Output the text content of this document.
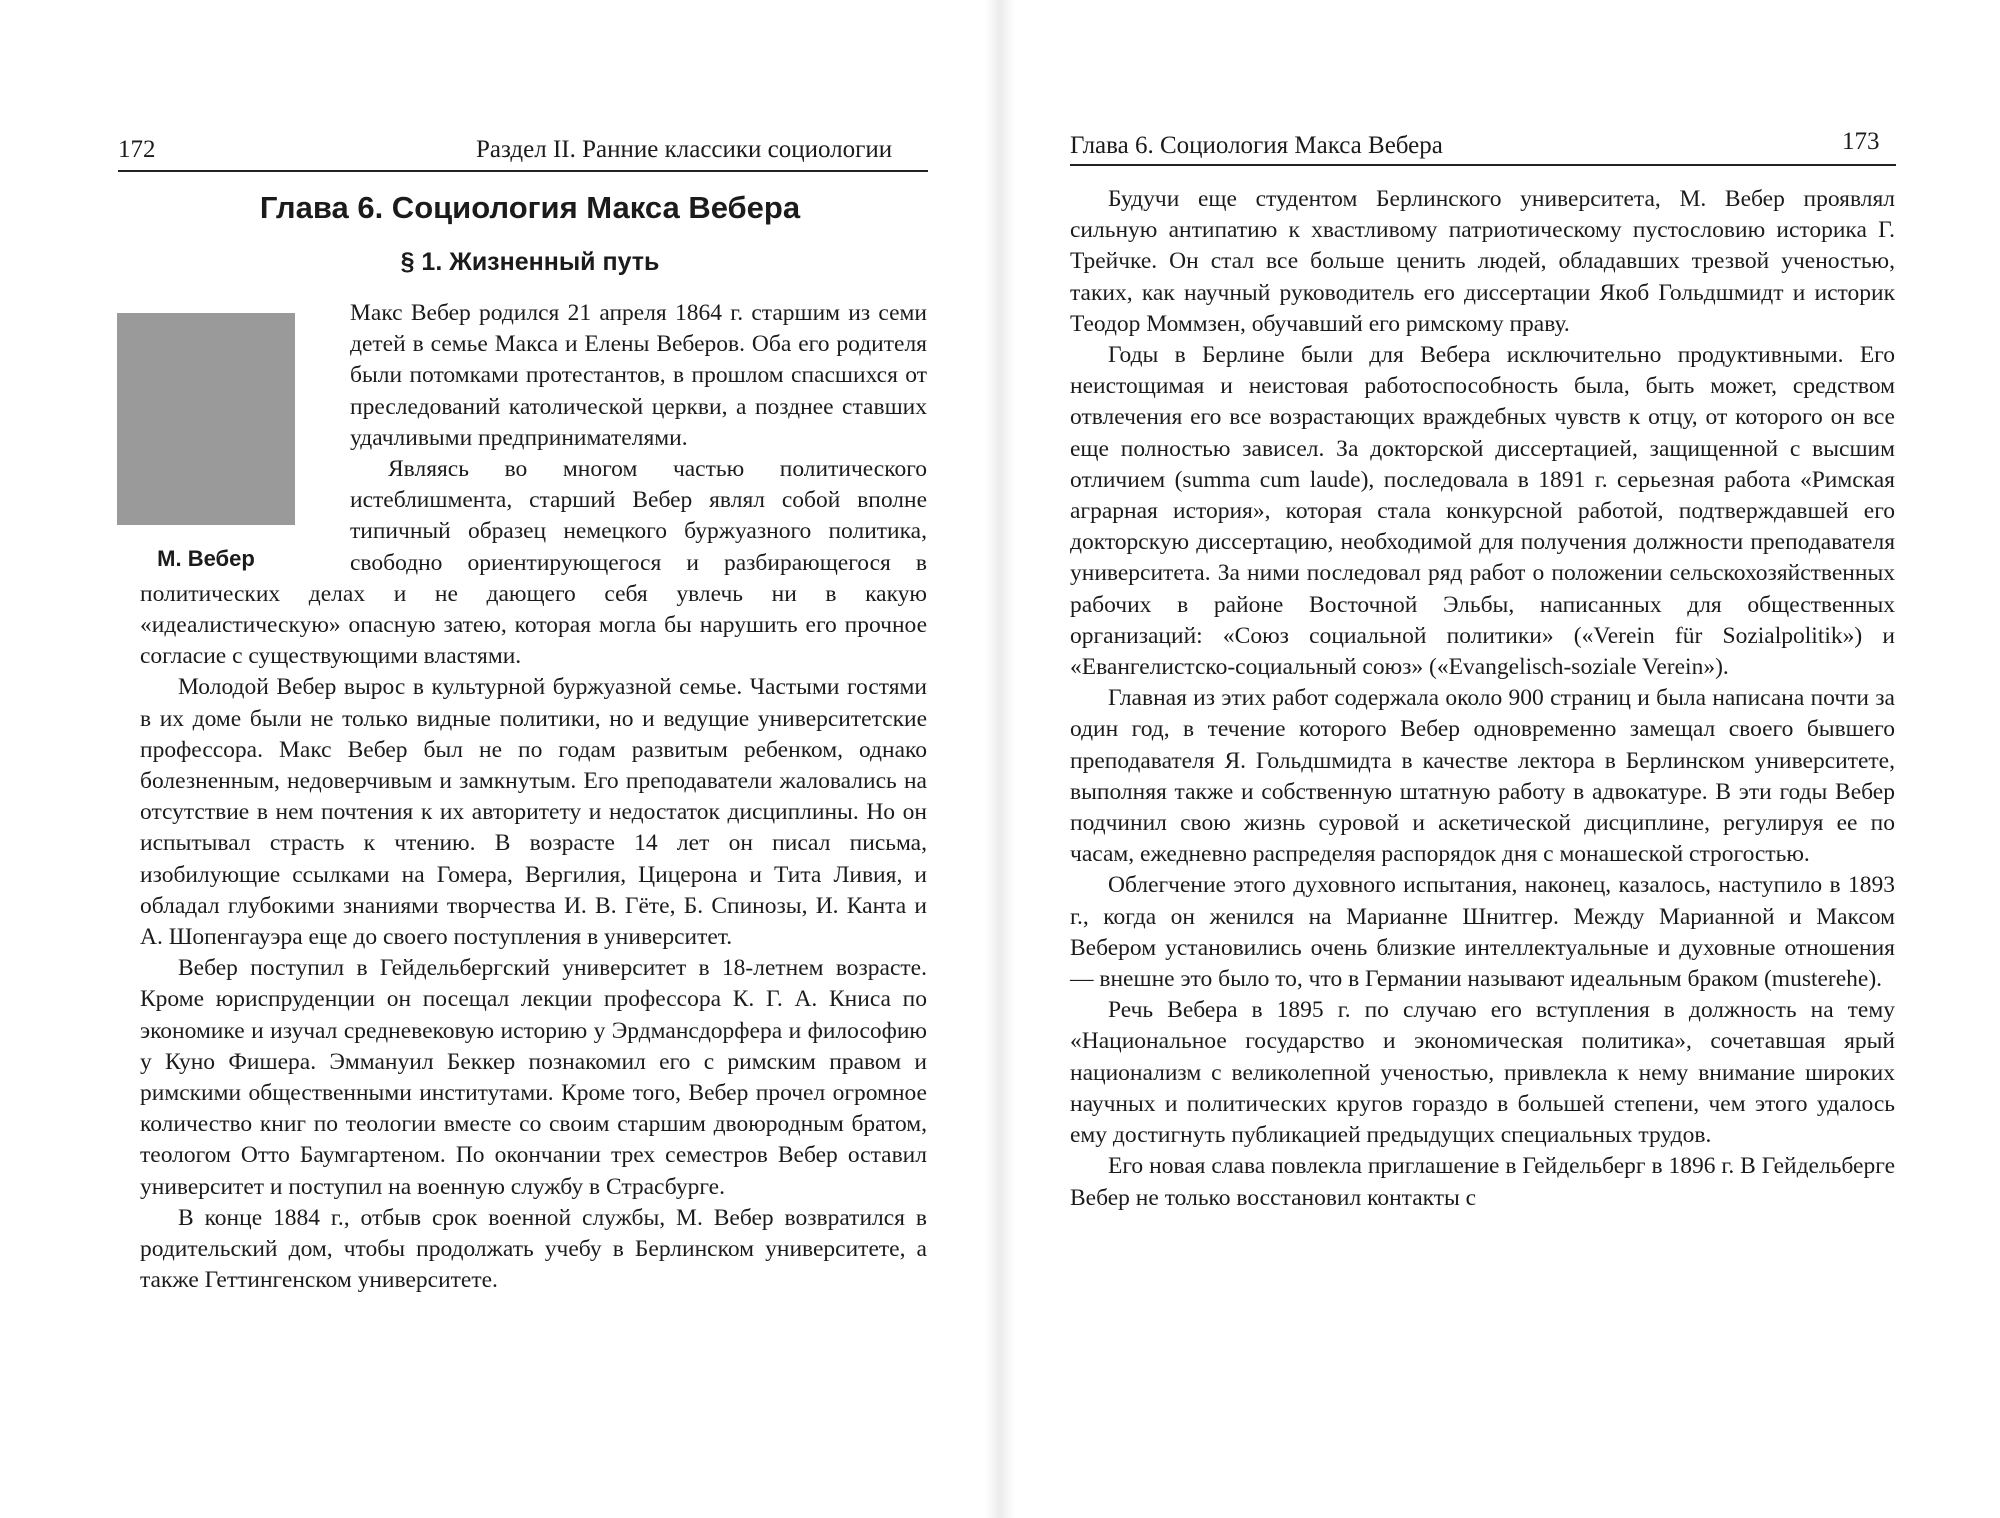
172	Раздел II. Ранние классики социологии
Глава 6. Социология Макса Вебера
§ 1. Жизненный путь
М. Вебер

Макс Вебер родился 21 апреля 1864 г. старшим из семи детей в семье Макса и Елены Веберов. Оба его родителя были потомками протестантов, в прошлом спасшихся от преследований католической церкви, а позднее ставших удачливыми предпринимателями.

Являясь во многом частью политического истеблишмента, старший Вебер являл собой вполне типичный образец немецкого буржуазного политика, свободно ориентирующегося и разбирающегося в политических делах и не дающего себя увлечь ни в какую «идеалистическую» опасную затею, которая могла бы нарушить его прочное согласие с существующими властями.

Молодой Вебер вырос в культурной буржуазной семье. Частыми гостями в их доме были не только видные политики, но и ведущие университетские профессора. Макс Вебер был не по годам развитым ребенком, однако болезненным, недоверчивым и замкнутым. Его преподаватели жаловались на отсутствие в нем почтения к их авторитету и недостаток дисциплины. Но он испытывал страсть к чтению. В возрасте 14 лет он писал письма, изобилующие ссылками на Гомера, Вергилия, Цицерона и Тита Ливия, и обладал глубокими знаниями творчества И. В. Гёте, Б. Спинозы, И. Канта и А. Шопенгауэра еще до своего поступления в университет.

Вебер поступил в Гейдельбергский университет в 18-летнем возрасте. Кроме юриспруденции он посещал лекции профессора К. Г. А. Книса по экономике и изучал средневековую историю у Эрдмансдорфера и философию у Куно Фишера. Эммануил Беккер познакомил его с римским правом и римскими общественными институтами. Кроме того, Вебер прочел огромное количество книг по теологии вместе со своим старшим двоюродным братом, теологом Отто Баумгартеном. По окончании трех семестров Вебер оставил университет и поступил на военную службу в Страсбурге.

В конце 1884 г., отбыв срок военной службы, М. Вебер возвратился в родительский дом, чтобы продолжать учебу в Берлинском университете, а также Геттингенском университете.

Глава 6. Социология Макса Вебера	173

Будучи еще студентом Берлинского университета, М. Вебер проявлял сильную антипатию к хвастливому патриотическому пустословию историка Г. Трейчке. Он стал все больше ценить людей, обладавших трезвой ученостью, таких, как научный руководитель его диссертации Якоб Гольдшмидт и историк Теодор Моммзен, обучавший его римскому праву.

Годы в Берлине были для Вебера исключительно продуктивными. Его неистощимая и неистовая работоспособность была, быть может, средством отвлечения его все возрастающих враждебных чувств к отцу, от которого он все еще полностью зависел. За докторской диссертацией, защищенной с высшим отличием (summa cum laude), последовала в 1891 г. серьезная работа «Римская аграрная история», которая стала конкурсной работой, подтверждавшей его докторскую диссертацию, необходимой для получения должности преподавателя университета. За ними последовал ряд работ о положении сельскохозяйственных рабочих в районе Восточной Эльбы, написанных для общественных организаций: «Союз социальной политики» («Verein für Sozialpolitik») и «Евангелистско-социальный союз» («Evangelisch-soziale Verein»).

Главная из этих работ содержала около 900 страниц и была написана почти за один год, в течение которого Вебер одновременно замещал своего бывшего преподавателя Я. Гольдшмидта в качестве лектора в Берлинском университете, выполняя также и собственную штатную работу в адвокатуре. В эти годы Вебер подчинил свою жизнь суровой и аскетической дисциплине, регулируя ее по часам, ежедневно распределяя распорядок дня с монашеской строгостью.

Облегчение этого духовного испытания, наконец, казалось, наступило в 1893 г., когда он женился на Марианне Шнитгер. Между Марианной и Максом Вебером установились очень близкие интеллектуальные и духовные отношения — внешне это было то, что в Германии называют идеальным браком (musterehe).

Речь Вебера в 1895 г. по случаю его вступления в должность на тему «Национальное государство и экономическая политика», сочетавшая ярый национализм с великолепной ученостью, привлекла к нему внимание широких научных и политических кругов гораздо в большей степени, чем этого удалось ему достигнуть публикацией предыдущих специальных трудов.

Его новая слава повлекла приглашение в Гейдельберг в 1896 г. В Гейдельберге Вебер не только восстановил контакты с
